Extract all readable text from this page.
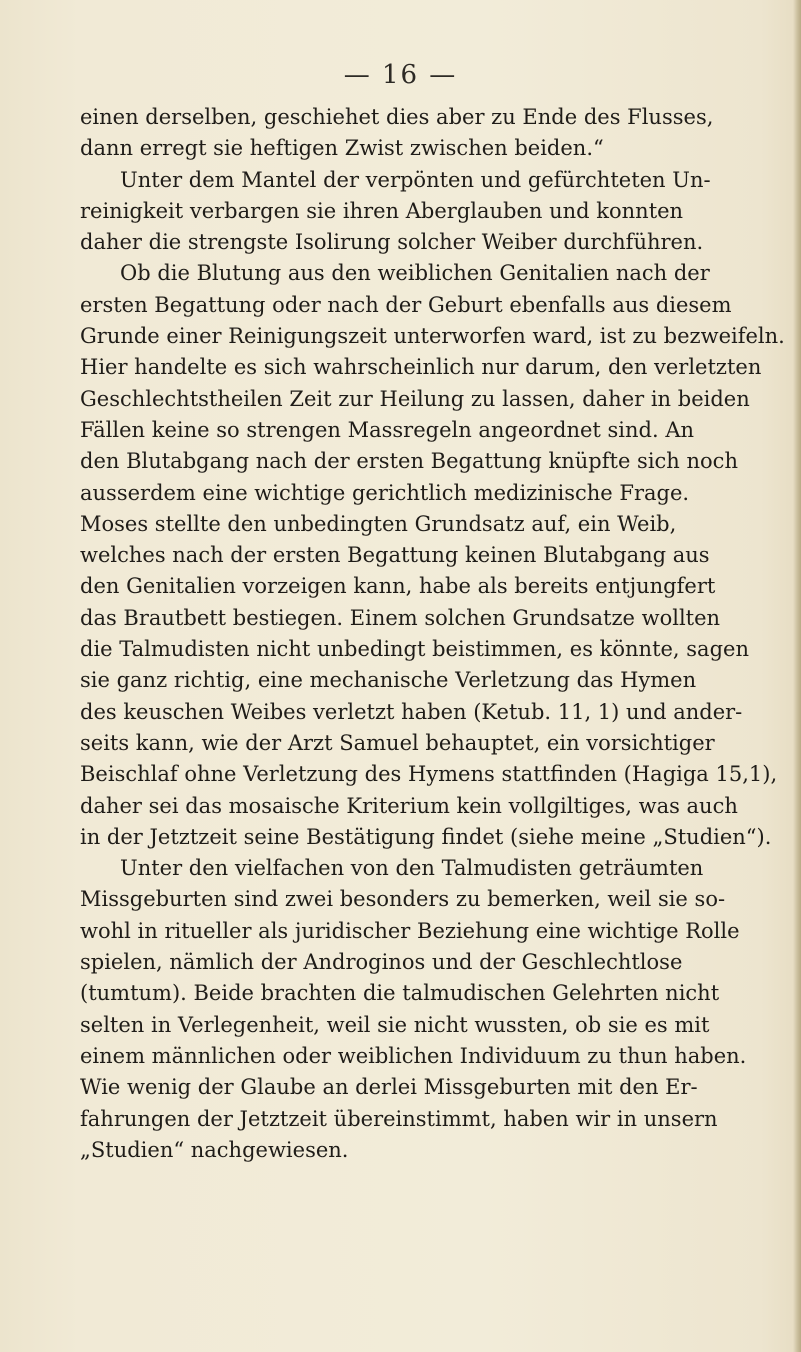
— 16 —
einen derselben, geschiehet dies aber zu Ende des Flusses,
dann erregt sie heftigen Zwist zwischen beiden.“
Unter dem Mantel der verpönten und gefürchteten Un-
reinigkeit verbargen sie ihren Aberglauben und konnten
daher die strengste Isolirung solcher Weiber durchführen.
Ob die Blutung aus den weiblichen Genitalien nach der
ersten Begattung oder nach der Geburt ebenfalls aus diesem
Grunde einer Reinigungszeit unterworfen ward, ist zu bezweifeln.
Hier handelte es sich wahrscheinlich nur darum, den verletzten
Geschlechtstheilen Zeit zur Heilung zu lassen, daher in beiden
Fällen keine so strengen Massregeln angeordnet sind. An
den Blutabgang nach der ersten Begattung knüpfte sich noch
ausserdem eine wichtige gerichtlich medizinische Frage.
Moses stellte den unbedingten Grundsatz auf, ein Weib,
welches nach der ersten Begattung keinen Blutabgang aus
den Genitalien vorzeigen kann, habe als bereits entjungfert
das Brautbett bestiegen. Einem solchen Grundsatze wollten
die Talmudisten nicht unbedingt beistimmen, es könnte, sagen
sie ganz richtig, eine mechanische Verletzung das Hymen
des keuschen Weibes verletzt haben (Ketub. 11, 1) und ander-
seits kann, wie der Arzt Samuel behauptet, ein vorsichtiger
Beischlaf ohne Verletzung des Hymens stattfinden (Hagiga 15,1),
daher sei das mosaische Kriterium kein vollgiltiges, was auch
in der Jetztzeit seine Bestätigung findet (siehe meine „Studien“).
Unter den vielfachen von den Talmudisten geträumten
Missgeburten sind zwei besonders zu bemerken, weil sie so-
wohl in ritueller als juridischer Beziehung eine wichtige Rolle
spielen, nämlich der Androginos und der Geschlechtlose
(tumtum). Beide brachten die talmudischen Gelehrten nicht
selten in Verlegenheit, weil sie nicht wussten, ob sie es mit
einem männlichen oder weiblichen Individuum zu thun haben.
Wie wenig der Glaube an derlei Missgeburten mit den Er-
fahrungen der Jetztzeit übereinstimmt, haben wir in unsern
„Studien“ nachgewiesen.
